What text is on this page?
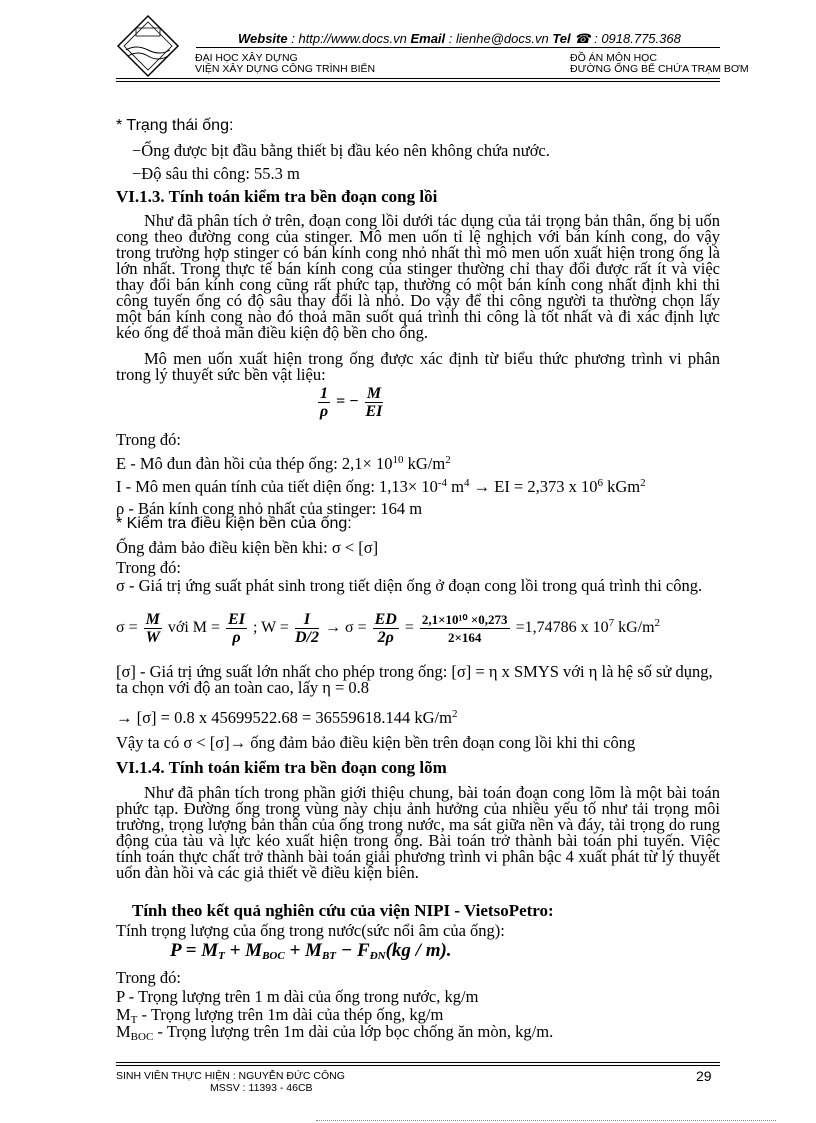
Website : http://www.docs.vn Email : lienhe@docs.vn Tel ☎ : 0918.775.368
ĐẠI HỌC XÂY DỰNG
VIỆN XÂY DỰNG CÔNG TRÌNH BIỂN
ĐỒ ÁN MÔN HỌC
ĐƯỜNG ỐNG BỂ CHỨA TRẠM BƠM
* Trạng thái ống:
−Ống được bịt đầu bằng thiết bị đầu kéo nên không chứa nước.
−Độ sâu thi công: 55.3 m
VI.1.3. Tính toán kiểm tra bền đoạn cong lồi
Như đã phân tích ở trên, đoạn cong lồi dưới tác dụng của tải trọng bản thân, ống bị uốn cong theo đường cong của stinger. Mô men uốn tỉ lệ nghịch với bán kính cong, do vậy trong trường hợp stinger có bán kính cong nhỏ nhất thì mô men uốn xuất hiện trong ống là lớn nhất. Trong thực tế bán kính cong của stinger thường chỉ thay đổi được rất ít và việc thay đổi bán kính cong cũng rất phức tạp, thường có một bán kính cong nhất định khi thi công tuyến ống có độ sâu thay đổi là nhỏ. Do vậy để thi công người ta thường chọn lấy một bán kính cong nào đó thoả mãn suốt quá trình thi công là tốt nhất và đi xác định lực kéo ống để thoả mãn điều kiện độ bền cho ống.
Mô men uốn xuất hiện trong ống được xác định từ biểu thức phương trình vi phân trong lý thuyết sức bền vật liệu:
$\frac{1}{\rho}$ = − $\frac{M}{EI}$
Trong đó:
E - Mô đun đàn hồi của thép ống: $2,1\times 10^{10}$ $kG/m^2$
I - Mô men quán tính của tiết diện ống: $1,13\times 10^{-4}$ $m^4$ → EI = 2,373 x $10^6$ kGm$^2$
ρ - Bán kính cong nhỏ nhất của stinger: 164 m
* Kiểm tra điều kiện bền của ống:
Ống đảm bảo điều kiện bền khi: σ < [σ]
Trong đó:
σ - Giá trị ứng suất phát sinh trong tiết diện ống ở đoạn cong lồi trong quá trình thi công.
$\sigma = \frac{M}{W}$ với $M = \frac{EI}{\rho}$ ; $W = \frac{I}{D/2} \to \sigma = \frac{ED}{2\rho} = \frac{\text{2,1×10¹⁰ ×0,273}}{2\times 164} =1,74786$ x $10^7$ $kG/m^2$
[σ] - Giá trị ứng suất lớn nhất cho phép trong ống: [σ] = η x SMYS với η là hệ số sử dụng, ta chọn với độ an toàn cao, lấy η = 0.8
→ [σ] = 0.8 x 45699522.68 = 36559618.144 $kG/m^2$
Vậy ta có σ < [σ]→ ống đảm bảo điều kiện bền trên đoạn cong lồi khi thi công
VI.1.4. Tính toán kiểm tra bền đoạn cong lõm
Như đã phân tích trong phần giới thiệu chung, bài toán đoạn cong lõm là một bài toán phức tạp. Đường ống trong vùng này chịu ảnh hưởng của nhiều yếu tố như tải trọng môi trường, trọng lượng bản thân của ống trong nước, ma sát giữa nền và đáy, tải trọng do rung động của tàu và lực kéo xuất hiện trong ống. Bài toán trở thành bài toán phi tuyến. Việc tính toán thực chất trở thành bài toán giải phương trình vi phân bậc 4 xuất phát từ lý thuyết uốn đàn hồi và các giả thiết về điều kiện biên.
Tính theo kết quả nghiên cứu của viện NIPI - VietsoPetro:
Tính trọng lượng của ống trong nước(sức nổi âm của ống):
$P = M_T + M_{BOC} + M_{BT} - F_{ĐN}(kg / m)$.
Trong đó:
P - Trọng lượng trên 1 m dài của ống trong nước, kg/m
$M_T$ - Trọng lượng trên 1m dài của thép ống, kg/m
$M_{BOC}$ - Trọng lượng trên 1m dài của lớp bọc chống ăn mòn, kg/m.
SINH VIÊN THỰC HIỆN : NGUYỄN ĐỨC CÔNG
MSSV : 11393 - 46CB
29
